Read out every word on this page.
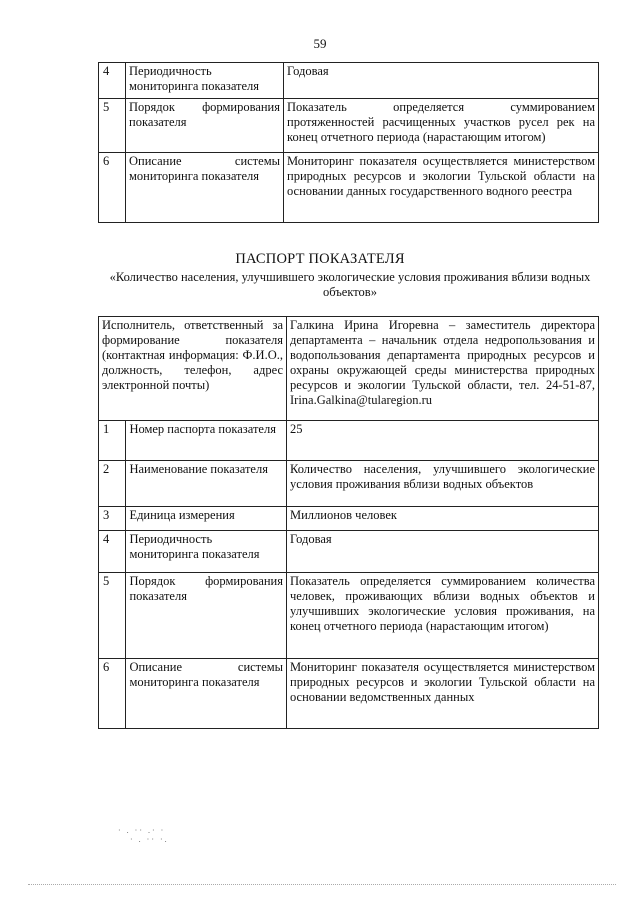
59
4	Периодичность мониторинга показателя	Годовая
5	Порядок формирования показателя	Показатель определяется суммированием протяженностей расчищенных участков русел рек на конец отчетного периода (нарастающим итогом)
6	Описание системы мониторинга показателя	Мониторинг показателя осуществляется министерством природных ресурсов и экологии Тульской области на основании данных государственного водного реестра
ПАСПОРТ ПОКАЗАТЕЛЯ
«Количество населения, улучшившего экологические условия проживания вблизи водных объектов»
Исполнитель, ответственный за формирование показателя (контактная информация: Ф.И.О., должность, телефон, адрес электронной почты)		Галкина Ирина Игоревна – заместитель директора департамента – начальник отдела недропользования и водопользования департамента природных ресурсов и охраны окружающей среды министерства природных ресурсов и экологии Тульской области, тел. 24-51-87, Irina.Galkina@tularegion.ru
1	Номер паспорта показателя	25
2	Наименование показателя	Количество населения, улучшившего экологические условия проживания вблизи водных объектов
3	Единица измерения	Миллионов человек
4	Периодичность мониторинга показателя	Годовая
5	Порядок формирования показателя	Показатель определяется суммированием количества человек, проживающих вблизи водных объектов и улучшивших экологические условия проживания, на конец отчетного периода (нарастающим итогом)
6	Описание системы мониторинга показателя	Мониторинг показателя осуществляется министерством природных ресурсов и экологии Тульской области на основании ведомственных данных
· . ·· .· ·
· . ·· ·.
